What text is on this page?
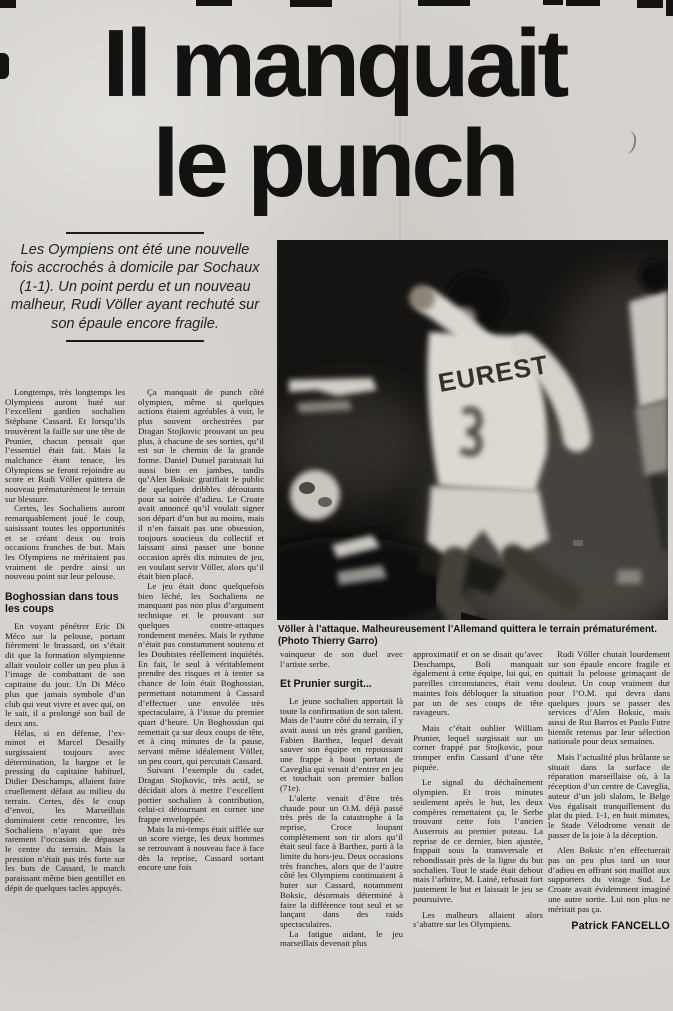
Il manquait
le punch

Les Oympiens ont été une nouvelle fois accrochés à domicile par Sochaux (1-1). Un point perdu et un nouveau malheur, Rudi Völler ayant rechuté sur son épaule encore fragile.

EUREST
Völler à l’attaque. Malheureusement l’Allemand quittera le terrain prématurément. (Photo Thierry Garro)

Longtemps, très longtemps les Olympiens auront buté sur l’excellent gardien sochalien Stéphane Cassard. Et lorsqu’ils trouvèrent la faille sur une tête de Prunier, chacun pensait que l’essentiel était fait. Mais la malchance étant tenace, les Olympiens se feront rejoindre au score et Rudi Völler quittera de nouveau prématurément le terrain sur blessure.

Certes, les Sochaliens auront remarquablement joué le coup, saisissant toutes les opportunités et se créant deux ou trois occasions franches de but. Mais les Olympiens ne méritaient pas vraiment de perdre ainsi un nouveau point sur leur pelouse.

Boghossian dans tous les coups

En voyant pénétrer Eric Di Méco sur la pelouse, portant fièrement le brassard, on s’était dit que la formation olympienne allait vouloir coller un peu plus à l’image de combattant de son capitaine du jour. Un Di Méco plus que jamais symbole d’un club qui veut vivre et avec qui, on le sait, il a prolongé son bail de deux ans.

Hélas, si en défense, l’ex-minot et Marcel Desailly surgissaient toujours avec détermination, la hargne et le pressing du capitaine habituel, Didier Deschamps, allaient faire cruellement défaut au milieu du terrain. Certes, dès le coup d’envoi, les Marseillais dominaient cette rencontre, les Sochaliens n’ayant que très rarement l’occasion de dépasser le centre du terrain. Mais la pression n’était pas très forte sur les buts de Cassard, le match paraissant même bien gentillet en dépit de quelques tacles appuyés.

Ça manquait de punch côté olympien, même si quelques actions étaient agréables à voir, le plus souvent orchestrées par Dragan Stojkovic prouvant un peu plus, à chacune de ses sorties, qu’il est sur le chemin de la grande forme. Daniel Dutuel paraissait lui aussi bien en jambes, tandis qu’Alen Boksic gratifiait le public de quelques dribbles déroutants pour sa soirée d’adieu. Le Croate avait annoncé qu’il voulait signer son départ d’un but au moins, mais il n’en faisait pas une obsession, toujours soucieux du collectif et laissant ainsi passer une bonne occasion après dix minutes de jeu, en voulant servir Völler, alors qu’il était bien placé.

Le jeu était donc quelquefois bien léché, les Sochaliens ne manquant pas non plus d’argument technique et le prouvant sur quelques contre-attaques rondement menées. Mais le rythme n’était pas constamment soutenu et les Doubistes réellement inquiétés. En fait, le seul à véritablement prendre des risques et à tenter sa chance de loin était Boghossian, permettant notamment à Cassard d’effectuer une envolée très spectaculaire, à l’issue du premier quart d’heure. Un Boghossian qui remettait ça sur deux coups de tête, et à cinq minutes de la pause, servant même idéalement Völler, un peu court, qui percutait Cassard.

Suivant l’exemple du cadet, Dragan Stojkovic, très actif, se décidait alors à mettre l’excellent portier sochalien à contribution, celui-ci détournant en corner une frappe enveloppée.

Mais la mi-temps était sifflée sur un score vierge, les deux hommes se retrouvant à nouveau face à face dès la reprise, Cassard sortant encore une fois

vainqueur de son duel avec l’artiste serbe.

Et Prunier surgit...

Le jeune sochalien apportait là toute la confirmation de son talent. Mais de l’autre côté du terrain, il y avait aussi un très grand gardien, Fabien Barthez, lequel devait sauver son équipe en repoussant une frappe à bout portant de Caveglia qui venait d’entrer en jeu et touchait son premier ballon (71e).

L’alerte venait d’être très chaude pour un O.M. déjà passé très près de la catastrophe à la reprise, Croce loupant complètement son tir alors qu’il était seul face à Barthez, parti à la limite du hors-jeu. Deux occasions très franches, alors que de l’autre côté les Olympiens continuaient à buter sur Cassard, notamment Boksic, désormais déterminé à faire la différence tout seul et se lançant dans des raids spectaculaires.

La fatigue aidant, le jeu marseillais devenait plus

approximatif et on se disait qu’avec Deschamps, Boli manquait également à cette équipe, lui qui, en pareilles circonstances, était venu maintes fois débloquer la situation par un de ses coups de tête ravageurs.

Mais c’était oublier William Prunier, lequel surgissait sur un corner frappé par Stojkovic, pour tromper enfin Cassard d’une tête piquée.

Le signal du déchaînement olympien. Et trois minutes seulement après le but, les deux compères remettaient ça, le Serbe trouvant cette fois l’ancien Auxerrois au premier poteau. La reprise de ce dernier, bien ajustée, frappait sous la transversale et rebondissait près de la ligne du but sochalien. Tout le stade était debout mais l’arbitre, M. Lainé, refusait fort justement le but et laissait le jeu se poursuivre.

Les malheurs allaient alors s’abattre sur les Olympiens.

Rudi Völler chutait lourdement sur son épaule encore fragile et quittait la pelouse grimaçant de douleur. Un coup vraiment dur pour l’O.M. qui devra dans quelques jours se passer des services d’Alen Boksic, mais aussi de Rui Barros et Paolo Futre bientôt retenus par leur sélection nationale pour deux semaines.

Mais l’actualité plus brûlante se situait dans la surface de réparation marseillaise où, à la réception d’un centre de Caveglia, auteur d’un joli slalom, le Belge Vos égalisait tranquillement du plat du pied. 1-1, en huit minutes, le Stade Vélodrome venait de passer de la joie à la déception.

Alen Boksic n’en effectuerait pas un peu plus tard un tour d’adieu en offrant son maillot aux supporters du virage Sud. Le Croate avait évidemment imaginé une autre sortie. Lui non plus ne méritait pas ça.

Patrick FANCELLO
